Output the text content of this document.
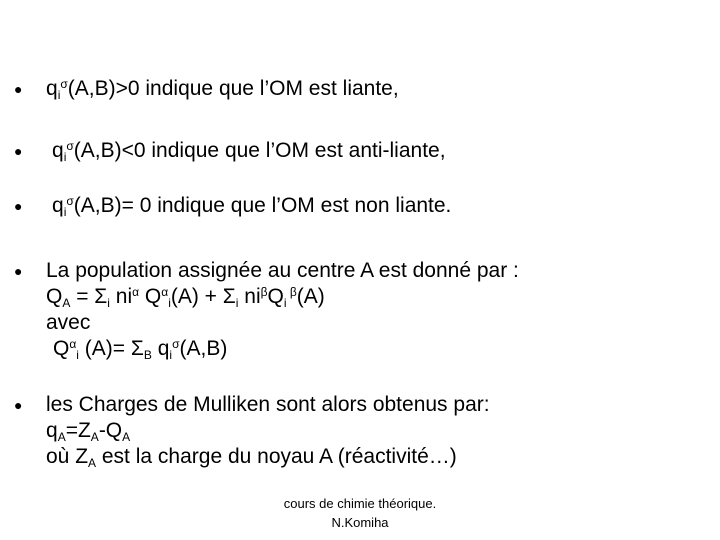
●	$q_i^\sigma(A,B)>0$ indique que l’OM est liante,
●	$q_i^\sigma(A,B)<0$ indique que l’OM est anti-liante,
●	$q_i^\sigma(A,B)= 0$ indique que l’OM est non liante.
●	La population assignée au centre A est donné par :
$Q_A = \Sigma_i$ $ni^\alpha$ $Q^\alpha_i(A) + \Sigma_i$ $ni^\beta Q_i$ $^\beta$(A)
avec
$Q^\alpha_i$ $(A)= \Sigma_B$ $q_i^\sigma(A,B)$
●	les Charges de Mulliken sont alors obtenus par:
$q_A=Z_A-Q_A$
où $Z_A$ est la charge du noyau A (réactivité…)
cours de chimie théorique.
N.Komiha
